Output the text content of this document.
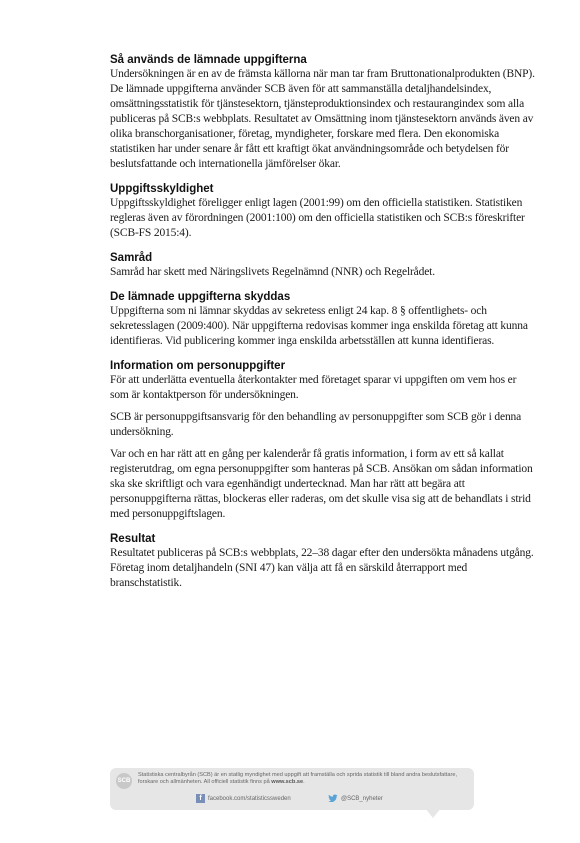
Så används de lämnade uppgifterna

Undersökningen är en av de främsta källorna när man tar fram Bruttonationalprodukten (BNP). De lämnade uppgifterna använder SCB även för att sammanställa detaljhandelsindex, omsättningsstatistik för tjänstesektorn, tjänsteproduktionsindex och restaurangindex som alla publiceras på SCB:s webbplats. Resultatet av Omsättning inom tjänstesektorn används även av olika branschorganisationer, företag, myndigheter, forskare med flera. Den ekonomiska statistiken har under senare år fått ett kraftigt ökat användningsområde och betydelsen för beslutsfattande och internationella jämförelser ökar.

Uppgiftsskyldighet

Uppgiftsskyldighet föreligger enligt lagen (2001:99) om den officiella statistiken. Statistiken regleras även av förordningen (2001:100) om den officiella statistiken och SCB:s föreskrifter (SCB-FS 2015:4).

Samråd

Samråd har skett med Näringslivets Regelnämnd (NNR) och Regelrådet.

De lämnade uppgifterna skyddas

Uppgifterna som ni lämnar skyddas av sekretess enligt 24 kap. 8 § offentlighets- och sekretesslagen (2009:400). När uppgifterna redovisas kommer inga enskilda företag att kunna identifieras. Vid publicering kommer inga enskilda arbetsställen att kunna identifieras.

Information om personuppgifter

För att underlätta eventuella återkontakter med företaget sparar vi uppgiften om vem hos er som är kontaktperson för undersökningen.

SCB är personuppgiftsansvarig för den behandling av personuppgifter som SCB gör i denna undersökning.

Var och en har rätt att en gång per kalenderår få gratis information, i form av ett så kallat registerutdrag, om egna personuppgifter som hanteras på SCB. Ansökan om sådan information ska ske skriftligt och vara egenhändigt undertecknad. Man har rätt att begära att personuppgifterna rättas, blockeras eller raderas, om det skulle visa sig att de behandlats i strid med personuppgiftslagen.

Resultat

Resultatet publiceras på SCB:s webbplats, 22–38 dagar efter den undersökta månadens utgång. Företag inom detaljhandeln (SNI 47) kan välja att få en särskild återrapport med branschstatistik.

SCB
Statistiska centralbyrån (SCB) är en statlig myndighet med uppgift att framställa och sprida statistik till bland andra beslutsfattare, forskare och allmänheten. All officiell statistik finns på www.scb.se.
f	facebook.com/statisticssweden	@SCB_nyheter
